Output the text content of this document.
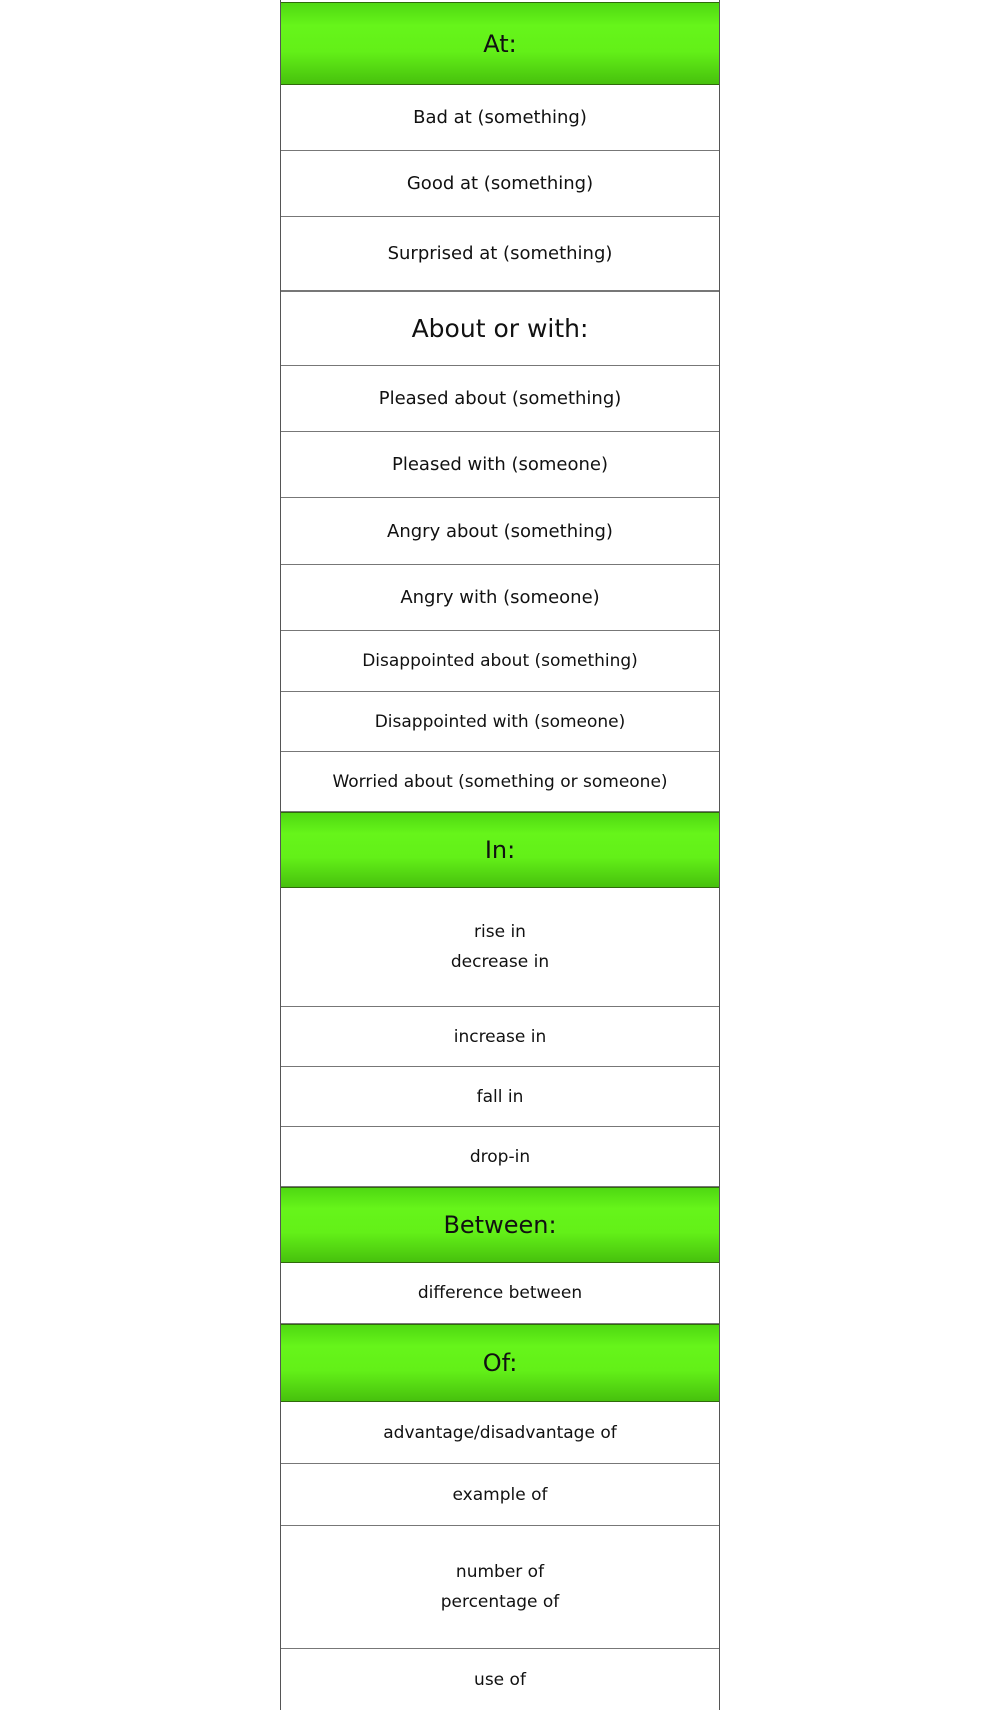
At:
Bad at (something)
Good at (something)
Surprised at (something)
About or with:
Pleased about (something)
Pleased with (someone)
Angry about (something)
Angry with (someone)
Disappointed about (something)
Disappointed with (someone)
Worried about (something or someone)
In:
rise in
decrease in
increase in
fall in
drop-in
Between:
difference between
Of:
advantage/disadvantage of
example of
number of
percentage of
use of
